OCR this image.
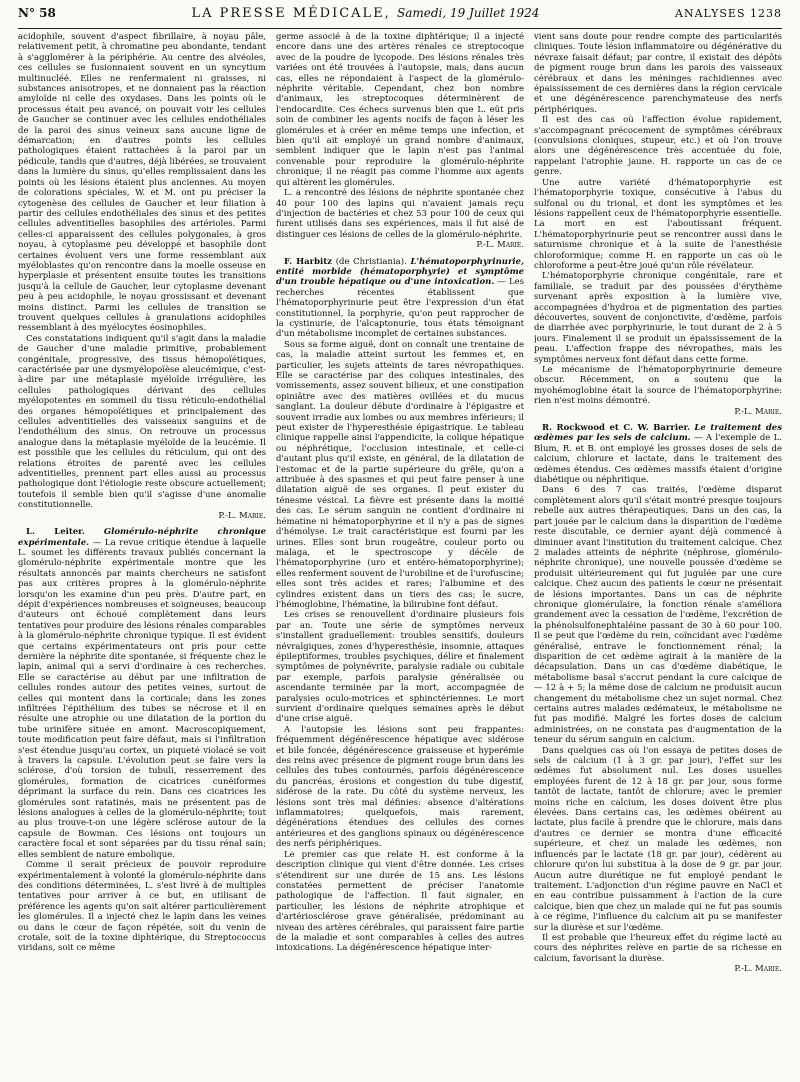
N° 58	LA PRESSE MÉDICALE, Samedi, 19 Juillet 1924	ANALYSES 1238

acidophile, souvent d'aspect fibrillaire, à noyau pâle, relativement petit, à chromatine peu abondante, tendant à s'agglomérer à la périphérie. Au centre des alvéoles, ces cellules se fusionnaient souvent en un syncytium multinucléé. Elles ne renfermaient ni graisses, ni substances anisotropes, et ne donnaient pas la réaction amyloïde ni celle des oxydases. Dans les points où le processus était peu avancé, on pouvait voir les cellules de Gaucher se continuer avec les cellules endothéliales de la paroi des sinus veineux sans aucune ligne de démarcation; en d'autres points les cellules pathologiques étaient rattachées à la paroi par un pédicule, tandis que d'autres, déjà libérées, se trouvaient dans la lumière du sinus, qu'elles remplissaient dans les points où les lésions étaient plus anciennes. Au moyen de colorations spéciales, W. et M. ont pu préciser la cytogenèse des cellules de Gaucher et leur filiation à partir des cellules endothéliales des sinus et des petites cellules adventitielles basophiles des artérioles. Parmi celles-ci apparaissent des cellules polygonales, à gros noyau, à cytoplasme peu développé et basophile dont certaines évoluent vers une forme ressemblant aux myéloblastes qu'on rencontre dans la moelle osseuse en hyperplasie et présentent ensuite toutes les transitions jusqu'à la cellule de Gaucher, leur cytoplasme devenant peu à peu acidophile, le noyau grossissant et devenant moins distinct. Parmi les cellules de transition se trouvent quelques cellules à granulations acidophiles ressemblant à des myélocytes éosinophiles.

Ces constatations indiquent qu'il s'agit dans la maladie de Gaucher d'une maladie primitive, probablement congénitale, progressive, des tissus hémopoïétiques, caractérisée par une dysmyélopoïèse aleucémique, c'est-à-dire par une métaplasie myéloïde irrégulière, les cellules pathologiques dérivant des cellules myélopotentes en sommeil du tissu réticulo-endothélial des organes hémopoïétiques et principalement des cellules adventitielles des vaisseaux sanguins et de l'endothélium des sinus. On retrouve un processus analogue dans la métaplasie myéloïde de la leucémie. Il est possible que les cellules du réticulum, qui ont des relations étroites de parenté avec les cellules adventitielles, prennent part elles aussi au processus pathologique dont l'étiologie reste obscure actuellement; toutefois il semble bien qu'il s'agisse d'une anomalie constitutionnelle.

P.-L. Marie.

L. Leiter. Glomérulo-néphrite chronique expérimentale. — La revue critique étendue à laquelle L. soumet les différents travaux publiés concernant la glomérulo-néphrite expérimentale montre que les résultats annoncés par maints chercheurs ne satisfont pas aux critères propres à la glomérulo-néphrite lorsqu'on les examine d'un peu près. D'autre part, en dépit d'expériences nombreuses et soigneuses, beaucoup d'auteurs ont échoué complètement dans leurs tentatives pour produire des lésions rénales comparables à la glomérulo-néphrite chronique typique. Il est évident que certains expérimentateurs ont pris pour cette dernière la néphrite dite spontanée, si fréquente chez le lapin, animal qui a servi d'ordinaire à ces recherches. Elle se caractérise au début par une infiltration de cellules rondes autour des petites veines, surtout de celles qui montent dans la corticale; dans les zones infiltrées l'épithélium des tubes se nécrose et il en résulte une atrophie ou une dilatation de la portion du tube urinifère située en amont. Macroscopiquement, toute modification peut faire défaut, mais si l'infiltration s'est étendue jusqu'au cortex, un piqueté violacé se voit à travers la capsule. L'évolution peut se faire vers la sclérose, d'où torsion de tubuli, resserrement des glomérules, formation de cicatrices cunéiformes déprimant la surface du rein. Dans ces cicatrices les glomérules sont ratatinés, mais ne présentent pas de lésions analogues à celles de la glomérulo-néphrite; tout au plus trouve-t-on une légère sclérose autour de la capsule de Bowman. Ces lésions ont toujours un caractère focal et sont séparées par du tissu rénal sain; elles semblent de nature embolique.

Comme il serait précieux de pouvoir reproduire expérimentalement à volonté la glomérulo-néphrite dans des conditions déterminées, L. s'est livré à de multiples tentatives pour arriver à ce but, en utilisant de préférence les agents qu'on sait altérer particulièrement les glomérules. Il a injecté chez le lapin dans les veines ou dans le cœur de façon répétée, soit du venin de crotale, soit de la toxine diphtérique, du Streptococcus viridans, soit ce même

germe associé à de la toxine diphtérique; il a injecté encore dans une des artères rénales ce streptocoque avec de la poudre de lycopode. Des lésions rénales très variées ont été trouvées à l'autopsie, mais, dans aucun cas, elles ne répondaient à l'aspect de la glomérulo-néphrite véritable. Cependant, chez bon nombre d'animaux, les streptocoques déterminèrent de l'endocardite. Ces échecs survenus bien que L. eût pris soin de combiner les agents nocifs de façon à léser les glomérules et à créer en même temps une infection, et bien qu'il ait employé un grand nombre d'animaux, semblent indiquer que le lapin n'est pas l'animal convenable pour reproduire la glomérulo-néphrite chronique; il ne réagit pas comme l'homme aux agents qui altèrent les glomérules.

L. a rencontré des lésions de néphrite spontanée chez 40 pour 100 des lapins qui n'avaient jamais reçu d'injection de bactéries et chez 53 pour 100 de ceux qui furent utilisés dans ses expériences, mais il fut aisé de distinguer ces lésions de celles de la glomérulo-néphrite.

P.-L. Marie.

F. Harbitz (de Christiania). L'hématoporphyrinurie, entité morbide (hématoporphyrie) et symptôme d'un trouble hépatique ou d'une intoxication. — Les recherches récentes établissent que l'hématoporphyrinurie peut être l'expression d'un état constitutionnel, la porphyrie, qu'on peut rapprocher de la cystinurie, de l'alcaptonurie, tous états témoignant d'un métabolisme incomplet de certaines substances.

Sous sa forme aiguë, dont on connaît une trentaine de cas, la maladie atteint surtout les femmes et, en particulier, les sujets atteints de tares névropathiques. Elle se caractérise par des coliques intestinales, des vomissements, assez souvent bilieux, et une constipation opiniâtre avec des matières ovillées et du mucus sanglant. La douleur débute d'ordinaire à l'épigastre et souvent irradie aux lombes ou aux membres inférieurs; il peut exister de l'hyperesthésie épigastrique. Le tableau clinique rappelle ainsi l'appendicite, la colique hépatique ou néphrétique, l'occlusion intestinale, et celle-ci d'autant plus qu'il existe, en général, de la dilatation de l'estomac et de la partie supérieure du grêle, qu'on a attribuée à des spasmes et qui peut faire penser à une dilatation aiguë de ses organes. Il peut exister du ténesme vésical. La fièvre est présente dans la moitié des cas. Le sérum sanguin ne contient d'ordinaire ni hématine ni hématoporphyrine et il n'y a pas de signes d'hémolyse. Le trait caractéristique est fourni par les urines. Elles sont brun rougeâtre, couleur porto ou malaga, et le spectroscope y décèle de l'hématoporphyrine (uro et entéro-hématoporphyrine); elles renferment souvent de l'urobiline et de l'urofuscine; elles sont très acides et rares; l'albumine et des cylindres existent dans un tiers des cas; le sucre, l'hémoglobine, l'hématine, la bilirubine font défaut.

Les crises se renouvellent d'ordinaire plusieurs fois par an. Toute une série de symptômes nerveux s'installent graduellement: troubles sensitifs, douleurs névralgiques, zones d'hyperesthésie, insomnie, attaques épileptiformes, troubles psychiques, délire et finalement symptômes de polynévrite, paralysie radiale ou cubitale par exemple, parfois paralysie généralisée ou ascendante terminée par la mort, accompagnée de paralysies oculo-motrices et sphinctériennes. Le mort survient d'ordinaire quelques semaines après le début d'une crise aiguë.

A l'autopsie les lésions sont peu frappantes: fréquemment dégénérescence hépatique avec sidérose et bile foncée, dégénérescence graisseuse et hyperémie des reins avec présence de pigment rouge brun dans les cellules des tubes contournés, parfois dégénérescence du pancréas, érosions et congestion du tube digestif, sidérose de la rate. Du côté du système nerveux, les lésions sont très mal définies: absence d'altérations inflammatoires; quelquefois, mais rarement, dégénérations étendues des cellules des cornes antérieures et des ganglions spinaux ou dégénérescence des nerfs périphériques.

Le premier cas que relate H. est conforme à la description clinique qui vient d'être donnée. Les crises s'étendirent sur une durée de 15 ans. Les lésions constatées permettent de préciser l'anatomie pathologique de l'affection. Il faut signaler, en particulier, les lésions de néphrite atrophique et d'artériosclérose grave généralisée, prédominant au niveau des artères cérébrales, qui paraissent faire partie de la maladie et sont comparables à celles des autres intoxications. La dégénérescence hépatique inter-

vient sans doute pour rendre compte des particularités cliniques. Toute lésion inflammatoire ou dégénérative du névraxe faisait défaut; par contre, il existait des dépôts de pigment rouge brun dans les parois des vaisseaux cérébraux et dans les méninges rachidiennes avec épaississement de ces dernières dans la région cervicale et une dégénérescence parenchymateuse des nerfs périphériques.

Il est des cas où l'affection évolue rapidement, s'accompagnant précocement de symptômes cérébraux (convulsions cloniques, stupeur, etc.) et où l'on trouve alors une dégénérescence très accentuée du foie, rappelant l'atrophie jaune. H. rapporte un cas de ce genre.

Une autre variété d'hématoporphyrie est l'hématoporphyrie toxique, consécutive à l'abus du sulfonal ou du trional, et dont les symptômes et les lésions rappellent ceux de l'hématoporphyrie essentielle. La mort en est l'aboutissant fréquent. L'hématoporphyrinurie peut se rencontrer aussi dans le saturnisme chronique et à la suite de l'anesthésie chloroformique; comme H. en rapporte un cas où le chloroforme a peut-être joué qu'un rôle révélateur.

L'hématoporphyrie chronique congénitale, rare et familiale, se traduit par des poussées d'érythème survenant après exposition à la lumière vive, accompagnées d'hydroa et de pigmentation des parties découvertes, souvent de conjonctivite, d'œdème, parfois de diarrhée avec porphyrinurie, le tout durant de 2 à 5 jours. Finalement il se produit un épaississement de la peau. L'affection frappe des névropathes, mais les symptômes nerveux font défaut dans cette forme.

Le mécanisme de l'hématoporphyrinurie demeure obscur. Récemment, on a soutenu que la myohémoglobine était la source de l'hématoporphyrine: rien n'est moins démontré.

P.-L. Marie.

R. Rockwood et C. W. Barrier. Le traitement des œdèmes par les sels de calcium. — A l'exemple de L. Blum, R. et B. ont employé les grosses doses de sels de calcium, chlorure et lactate, dans le traitement des œdèmes étendus. Ces œdèmes massifs étaient d'origine diabétique ou néphritique.

Dans 6 des 7 cas traités, l'œdème disparut complètement alors qu'il s'était montré presque toujours rebelle aux autres thérapeutiques. Dans un des cas, la part jouée par le calcium dans la disparition de l'œdème reste discutable, ce dernier ayant déjà commencé à diminuer avant l'institution du traitement calcique. Chez 2 malades atteints de néphrite (néphrose, glomérulo-néphrite chronique), une nouvelle poussée d'œdème se produisit ultérieurement qui fut jugulée par une cure calcique. Chez aucun des patients le cœur ne présentait de lésions importantes. Dans un cas de néphrite chronique glomérulaire, la fonction rénale s'améliora grandement avec la cessation de l'œdème, l'excrétion de la phénolsulfonephtaléine passant de 30 à 60 pour 100. Il se peut que l'œdème du rein, coïncidant avec l'œdème généralisé, entrave le fonctionnement rénal; la disparition de cet œdème agirait à la manière de la décapsulation. Dans un cas d'œdème diabétique, le métabolisme basal s'accrut pendant la cure calcique de — 12 à + 5; la même dose de calcium ne produisit aucun changement du métabolisme chez un sujet normal. Chez certains autres malades œdémateux, le métabolisme ne fut pas modifié. Malgré les fortes doses de calcium administrées, on ne constata pas d'augmentation de la teneur du sérum sanguin en calcium.

Dans quelques cas où l'on essaya de petites doses de sels de calcium (1 à 3 gr. par jour), l'effet sur les œdèmes fut absolument nul. Les doses usuelles employées furent de 12 à 18 gr. par jour, sous forme tantôt de lactate, tantôt de chlorure; avec le premier moins riche en calcium, les doses doivent être plus élevées. Dans certains cas, les œdèmes obéirent au lactate, plus facile à prendre que le chlorure, mais dans d'autres ce dernier se montra d'une efficacité supérieure, et chez un malade les œdèmes, non influencés par le lactate (18 gr. par jour), cédèrent au chlorure qu'on lui substitua à la dose de 9 gr. par jour. Aucun autre diurétique ne fut employé pendant le traitement. L'adjonction d'un régime pauvre en NaCl et en eau contribue puissamment à l'action de la cure calcique, bien que chez un malade qui ne fut pas soumis à ce régime, l'influence du calcium ait pu se manifester sur la diurèse et sur l'œdème.

Il est probable que l'heureux effet du régime lacté au cours des néphrites relève en partie de sa richesse en calcium, favorisant la diurèse.

P.-L. Marie.
